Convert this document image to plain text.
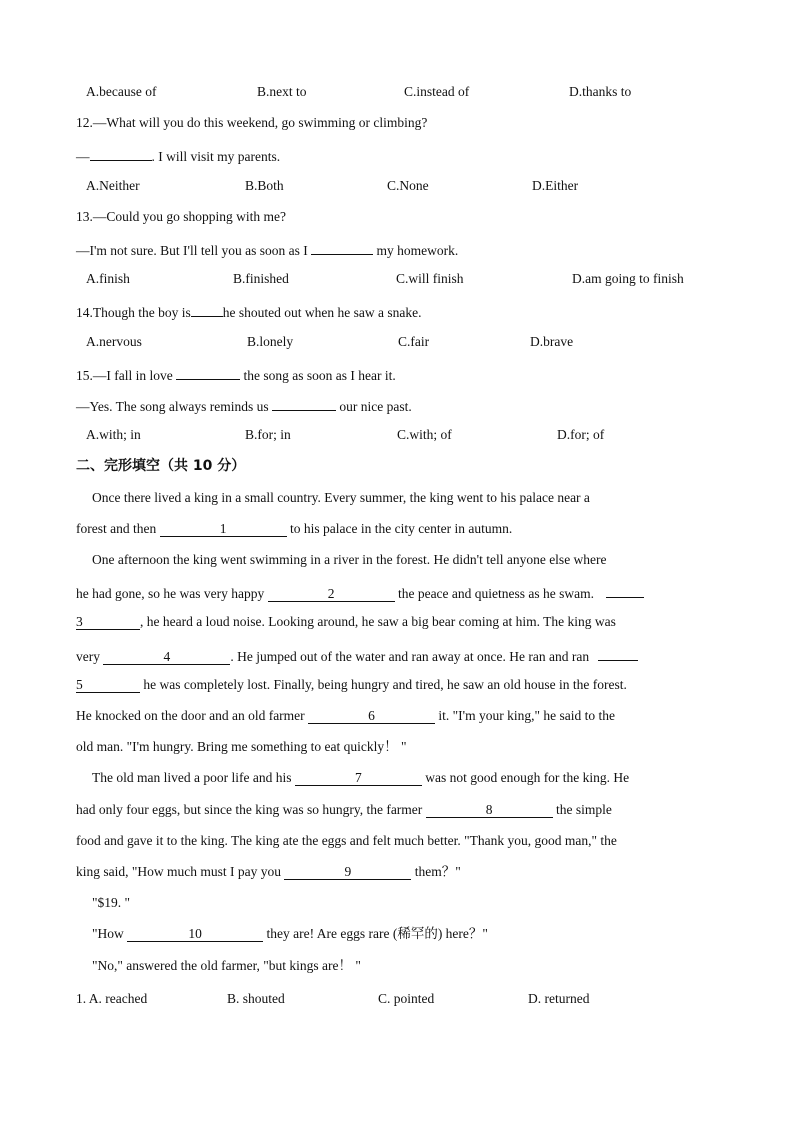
A.because of	B.next to	C.instead of	D.thanks to
12.—What will you do this weekend, go swimming or climbing?
—	. I will visit my parents.
A.Neither	B.Both	C.None	D.Either
13.—Could you go shopping with me?
—I'm not sure. But I'll tell you as soon as I	my homework.
A.finish	B.finished	C.will finish	D.am going to finish
14.Though the boy is he shouted out when he saw a snake.
A.nervous	B.lonely	C.fair	D.brave
15.—I fall in love	the song as soon as I hear it.
—Yes. The song always reminds us	our nice past.
A.with; in	B.for; in	C.with; of	D.for; of
二、完形填空（共 10 分）
Once there lived a king in a small country. Every summer, the king went to his palace near a
forest and then	1	to his palace in the city center in autumn.
One afternoon the king went swimming in a river in the forest. He didn't tell anyone else where
he had gone, so he was very happy	2	the peace and quietness as he swam.
3	, he heard a loud noise. Looking around, he saw a big bear coming at him. The king was
very	4	. He jumped out of the water and ran away at once. He ran and ran
5	he was completely lost. Finally, being hungry and tired, he saw an old house in the forest.
He knocked on the door and an old farmer	6	it. "I'm your king," he said to the
old man. "I'm hungry. Bring me something to eat quickly！ "
The old man lived a poor life and his	7	was not good enough for the king. He
had only four eggs, but since the king was so hungry, the farmer	8	the simple
food and gave it to the king. The king ate the eggs and felt much better. "Thank you, good man," the
king said, "How much must I pay you	9	them？"
"$19. "
"How	10	they are! Are eggs rare (稀罕的) here？"
"No," answered the old farmer, "but kings are！ "
1. A. reached	B. shouted	C. pointed	D. returned
